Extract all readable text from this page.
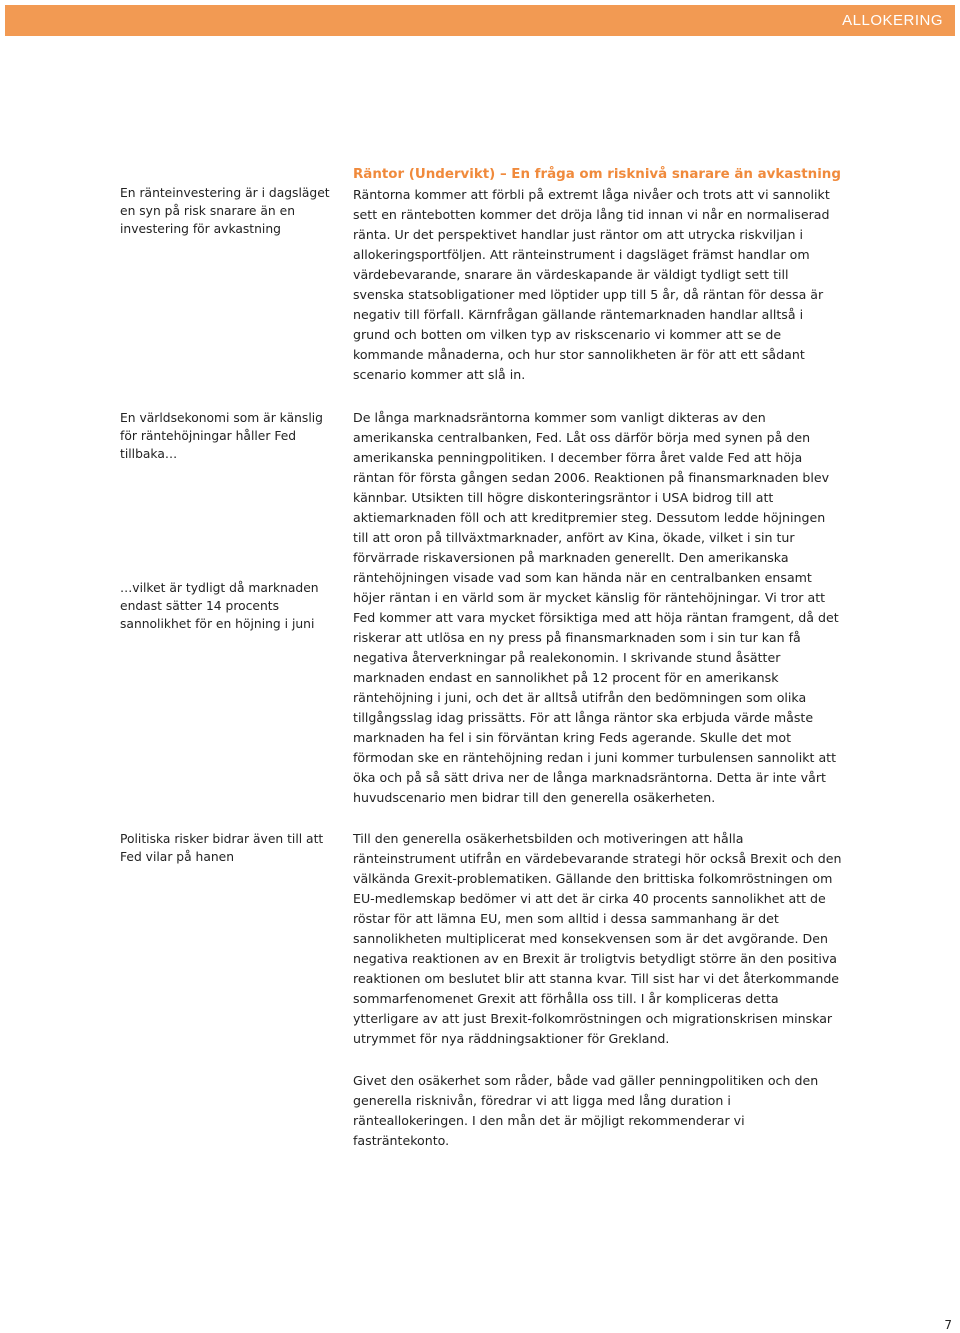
ALLOKERING

En ränteinvestering är i dagsläget en syn på risk snarare än en investering för avkastning

En världsekonomi som är känslig för räntehöjningar håller Fed tillbaka…

…vilket är tydligt då marknaden endast sätter 14 procents sannolikhet för en höjning i juni

Politiska risker bidrar även till att Fed vilar på hanen

Räntor (Undervikt) – En fråga om risknivå snarare än avkastning
Räntorna kommer att förbli på extremt låga nivåer och trots att vi sannolikt sett en räntebotten kommer det dröja lång tid innan vi når en normaliserad ränta. Ur det perspektivet handlar just räntor om att utrycka riskviljan i allokeringsportföljen. Att ränteinstrument i dagsläget främst handlar om värdebevarande, snarare än värdeskapande är väldigt tydligt sett till svenska statsobligationer med löptider upp till 5 år, då räntan för dessa är negativ till förfall. Kärnfrågan gällande räntemarknaden handlar alltså i grund och botten om vilken typ av riskscenario vi kommer att se de kommande månaderna, och hur stor sannolikheten är för att ett sådant scenario kommer att slå in.

De långa marknadsräntorna kommer som vanligt dikteras av den amerikanska centralbanken, Fed. Låt oss därför börja med synen på den amerikanska penningpolitiken. I december förra året valde Fed att höja räntan för första gången sedan 2006. Reaktionen på finansmarknaden blev kännbar. Utsikten till högre diskonteringsräntor i USA bidrog till att aktiemarknaden föll och att kreditpremier steg. Dessutom ledde höjningen till att oron på tillväxtmarknader, anfört av Kina, ökade, vilket i sin tur förvärrade riskaversionen på marknaden generellt. Den amerikanska räntehöjningen visade vad som kan hända när en centralbanken ensamt höjer räntan i en värld som är mycket känslig för räntehöjningar. Vi tror att Fed kommer att vara mycket försiktiga med att höja räntan framgent, då det riskerar att utlösa en ny press på finansmarknaden som i sin tur kan få negativa återverkningar på realekonomin. I skrivande stund åsätter marknaden endast en sannolikhet på 12 procent för en amerikansk räntehöjning i juni, och det är alltså utifrån den bedömningen som olika tillgångsslag idag prissätts. För att långa räntor ska erbjuda värde måste marknaden ha fel i sin förväntan kring Feds agerande. Skulle det mot förmodan ske en räntehöjning redan i juni kommer turbulensen sannolikt att öka och på så sätt driva ner de långa marknadsräntorna. Detta är inte vårt huvudscenario men bidrar till den generella osäkerheten.

Till den generella osäkerhetsbilden och motiveringen att hålla ränteinstrument utifrån en värdebevarande strategi hör också Brexit och den välkända Grexit-problematiken. Gällande den brittiska folkomröstningen om EU-medlemskap bedömer vi att det är cirka 40 procents sannolikhet att de röstar för att lämna EU, men som alltid i dessa sammanhang är det sannolikheten multiplicerat med konsekvensen som är det avgörande. Den negativa reaktionen av en Brexit är troligtvis betydligt större än den positiva reaktionen om beslutet blir att stanna kvar. Till sist har vi det återkommande sommarfenomenet Grexit att förhålla oss till. I år kompliceras detta ytterligare av att just Brexit-folkomröstningen och migrationskrisen minskar utrymmet för nya räddningsaktioner för Grekland.

Givet den osäkerhet som råder, både vad gäller penningpolitiken och den generella risknivån, föredrar vi att ligga med lång duration i ränteallokeringen. I den mån det är möjligt rekommenderar vi fasträntekonto.

7
